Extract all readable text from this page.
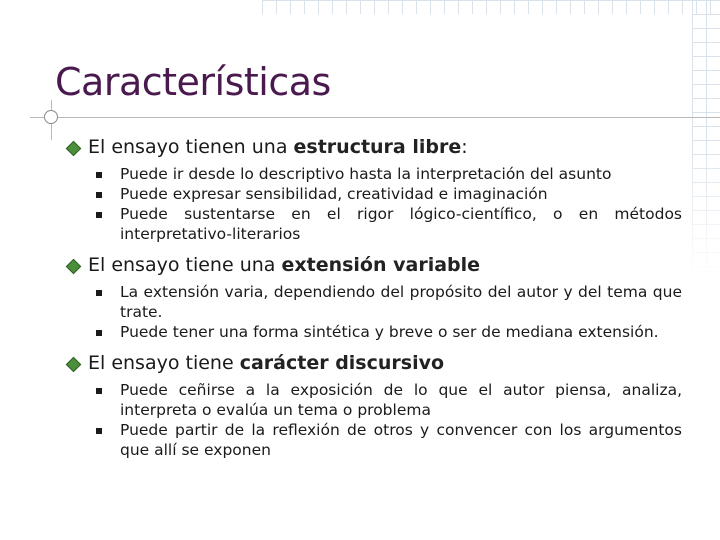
Características
El ensayo tienen una estructura libre:
Puede ir desde lo descriptivo hasta la interpretación del asunto
Puede expresar sensibilidad, creatividad e imaginación
Puede sustentarse en el rigor lógico-científico, o en métodos interpretativo-literarios
El ensayo tiene una extensión variable
La extensión varia, dependiendo del propósito del autor y del tema que trate.
Puede tener una forma sintética y breve o ser de mediana extensión.
El ensayo tiene carácter discursivo
Puede ceñirse a la exposición de lo que el autor piensa, analiza, interpreta o evalúa un tema o problema
Puede partir de la reflexión de otros y convencer con los argumentos que allí se exponen
